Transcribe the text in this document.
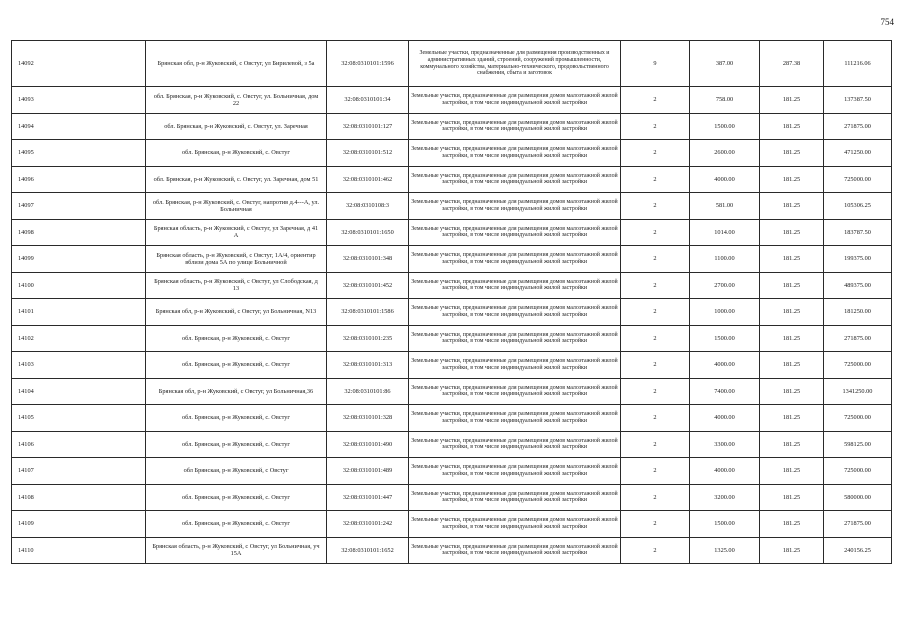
754
14092	Брянская обл, р-н Жуковский, с Овстуг, ул Бирилевой, з 5а	32:08:0310101:1596	Земельные участки, предназначенные для размещения производственных и административных зданий, строений, сооружений промышленности, коммунального хозяйства, материально-технического, продовольственного снабжения, сбыта и заготовок	9	387.00	287.38	111216.06
14093	обл. Брянская, р-н Жуковский, с. Овстуг, ул. Больничная, дом 22	32:08:0310101:34	Земельные участки, предназначенные для размещения домов малоэтажной жилой застройки, в том числе индивидуальной жилой застройки	2	758.00	181.25	137387.50
14094	обл. Брянская, р-н Жуковский, с. Овстуг, ул. Заречная	32:08:0310101:127	Земельные участки, предназначенные для размещения домов малоэтажной жилой застройки, в том числе индивидуальной жилой застройки	2	1500.00	181.25	271875.00
14095	обл. Брянская, р-н Жуковский, с. Овстуг	32:08:0310101:512	Земельные участки, предназначенные для размещения домов малоэтажной жилой застройки, в том числе индивидуальной жилой застройки	2	2600.00	181.25	471250.00
14096	обл. Брянская, р-н Жуковский, с. Овстуг, ул. Заречная, дом 51	32:08:0310101:462	Земельные участки, предназначенные для размещения домов малоэтажной жилой застройки, в том числе индивидуальной жилой застройки	2	4000.00	181.25	725000.00
14097	обл. Брянская, р-н Жуковский, с. Овстуг, напротив д.4---А, ул. Больничная	32:08:0310108:3	Земельные участки, предназначенные для размещения домов малоэтажной жилой застройки, в том числе индивидуальной жилой застройки	2	581.00	181.25	105306.25
14098	Брянская область, р-н Жуковский, с Овстуг, ул Заречная, д 41 А	32:08:0310101:1650	Земельные участки, предназначенные для размещения домов малоэтажной жилой застройки, в том числе индивидуальной жилой застройки	2	1014.00	181.25	183787.50
14099	Брянская область, р-н Жуковский, с Овстуг, 1А/4, ориентир вблизи дома 5А по улице Больничной	32:08:0310101:348	Земельные участки, предназначенные для размещения домов малоэтажной жилой застройки, в том числе индивидуальной жилой застройки	2	1100.00	181.25	199375.00
14100	Брянская область, р-н Жуковский, с Овстуг, ул Слободская, д 13	32:08:0310101:452	Земельные участки, предназначенные для размещения домов малоэтажной жилой застройки, в том числе индивидуальной жилой застройки	2	2700.00	181.25	489375.00
14101	Брянская обл, р-н Жуковский, с Овстуг, ул Больничная, N13	32:08:0310101:1586	Земельные участки, предназначенные для размещения домов малоэтажной жилой застройки, в том числе индивидуальной жилой застройки	2	1000.00	181.25	181250.00
14102	обл. Брянская, р-н Жуковский, с. Овстуг	32:08:0310101:235	Земельные участки, предназначенные для размещения домов малоэтажной жилой застройки, в том числе индивидуальной жилой застройки	2	1500.00	181.25	271875.00
14103	обл. Брянская, р-н Жуковский, с. Овстуг	32:08:0310101:313	Земельные участки, предназначенные для размещения домов малоэтажной жилой застройки, в том числе индивидуальной жилой застройки	2	4000.00	181.25	725000.00
14104	Брянская обл, р-н Жуковский, с Овстуг, ул Больничная,36	32:08:0310101:86	Земельные участки, предназначенные для размещения домов малоэтажной жилой застройки, в том числе индивидуальной жилой застройки	2	7400.00	181.25	1341250.00
14105	обл. Брянская, р-н Жуковский, с. Овстуг	32:08:0310101:328	Земельные участки, предназначенные для размещения домов малоэтажной жилой застройки, в том числе индивидуальной жилой застройки	2	4000.00	181.25	725000.00
14106	обл. Брянская, р-н Жуковский, с. Овстуг	32:08:0310101:490	Земельные участки, предназначенные для размещения домов малоэтажной жилой застройки, в том числе индивидуальной жилой застройки	2	3300.00	181.25	598125.00
14107	обл Брянская, р-н Жуковский, с Овстуг	32:08:0310101:489	Земельные участки, предназначенные для размещения домов малоэтажной жилой застройки, в том числе индивидуальной жилой застройки	2	4000.00	181.25	725000.00
14108	обл. Брянская, р-н Жуковский, с. Овстуг	32:08:0310101:447	Земельные участки, предназначенные для размещения домов малоэтажной жилой застройки, в том числе индивидуальной жилой застройки	2	3200.00	181.25	580000.00
14109	обл. Брянская, р-н Жуковский, с. Овстуг	32:08:0310101:242	Земельные участки, предназначенные для размещения домов малоэтажной жилой застройки, в том числе индивидуальной жилой застройки	2	1500.00	181.25	271875.00
14110	Брянская область, р-н Жуковский, с Овстуг, ул Больничная, уч 15А	32:08:0310101:1652	Земельные участки, предназначенные для размещения домов малоэтажной жилой застройки, в том числе индивидуальной жилой застройки	2	1325.00	181.25	240156.25
